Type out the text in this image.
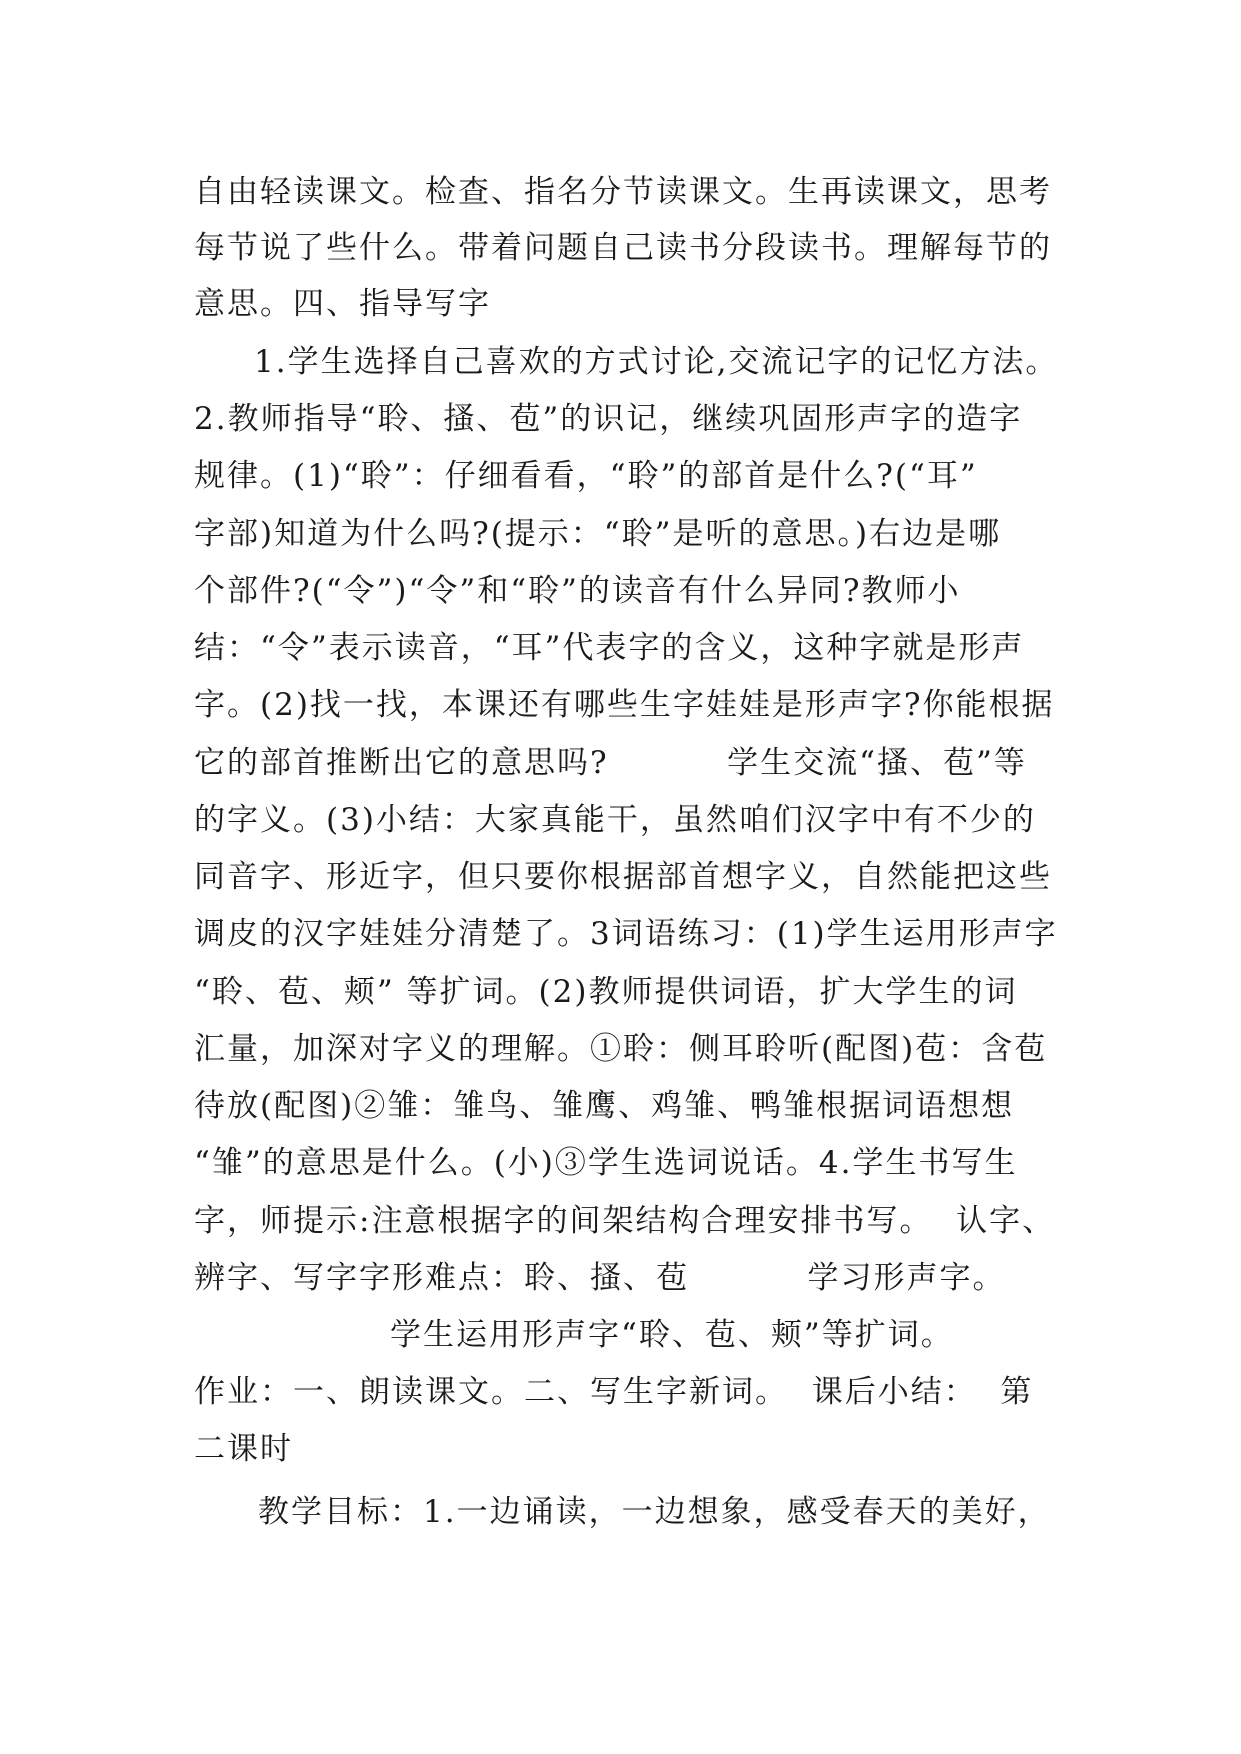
自由轻读课文。检查、指名分节读课文。生再读课文，思考

每节说了些什么。带着问题自己读书分段读书。理解每节的

意思。四、指导写字

1.学生选择自己喜欢的方式讨论,交流记字的记忆方法。

2.教师指导“聆、搔、苞”的识记，继续巩固形声字的造字

规律。(1)“聆”：仔细看看，“聆”的部首是什么?(“耳”

字部)知道为什么吗?(提示：“聆”是听的意思。)右边是哪

个部件?(“令”)“令”和“聆”的读音有什么异同?教师小

结：“令”表示读音，“耳”代表字的含义，这种字就是形声

字。(2)找一找，本课还有哪些生字娃娃是形声字?你能根据

它的部首推断出它的意思吗?          学生交流“搔、苞”等

的字义。(3)小结：大家真能干，虽然咱们汉字中有不少的

同音字、形近字，但只要你根据部首想字义，自然能把这些

调皮的汉字娃娃分清楚了。3词语练习：(1)学生运用形声字

“聆、苞、颊” 等扩词。(2)教师提供词语，扩大学生的词

汇量，加深对字义的理解。①聆：侧耳聆听(配图)苞：含苞

待放(配图)②雏：雏鸟、雏鹰、鸡雏、鸭雏根据词语想想

“雏”的意思是什么。(小)③学生选词说话。4.学生书写生

字，师提示:注意根据字的间架结构合理安排书写。  认字、

辨字、写字字形难点：聆、搔、苞          学习形声字。

学生运用形声字“聆、苞、颊”等扩词。

作业：一、朗读课文。二、写生字新词。  课后小结：  第

二课时

教学目标：1.一边诵读，一边想象，感受春天的美好，
